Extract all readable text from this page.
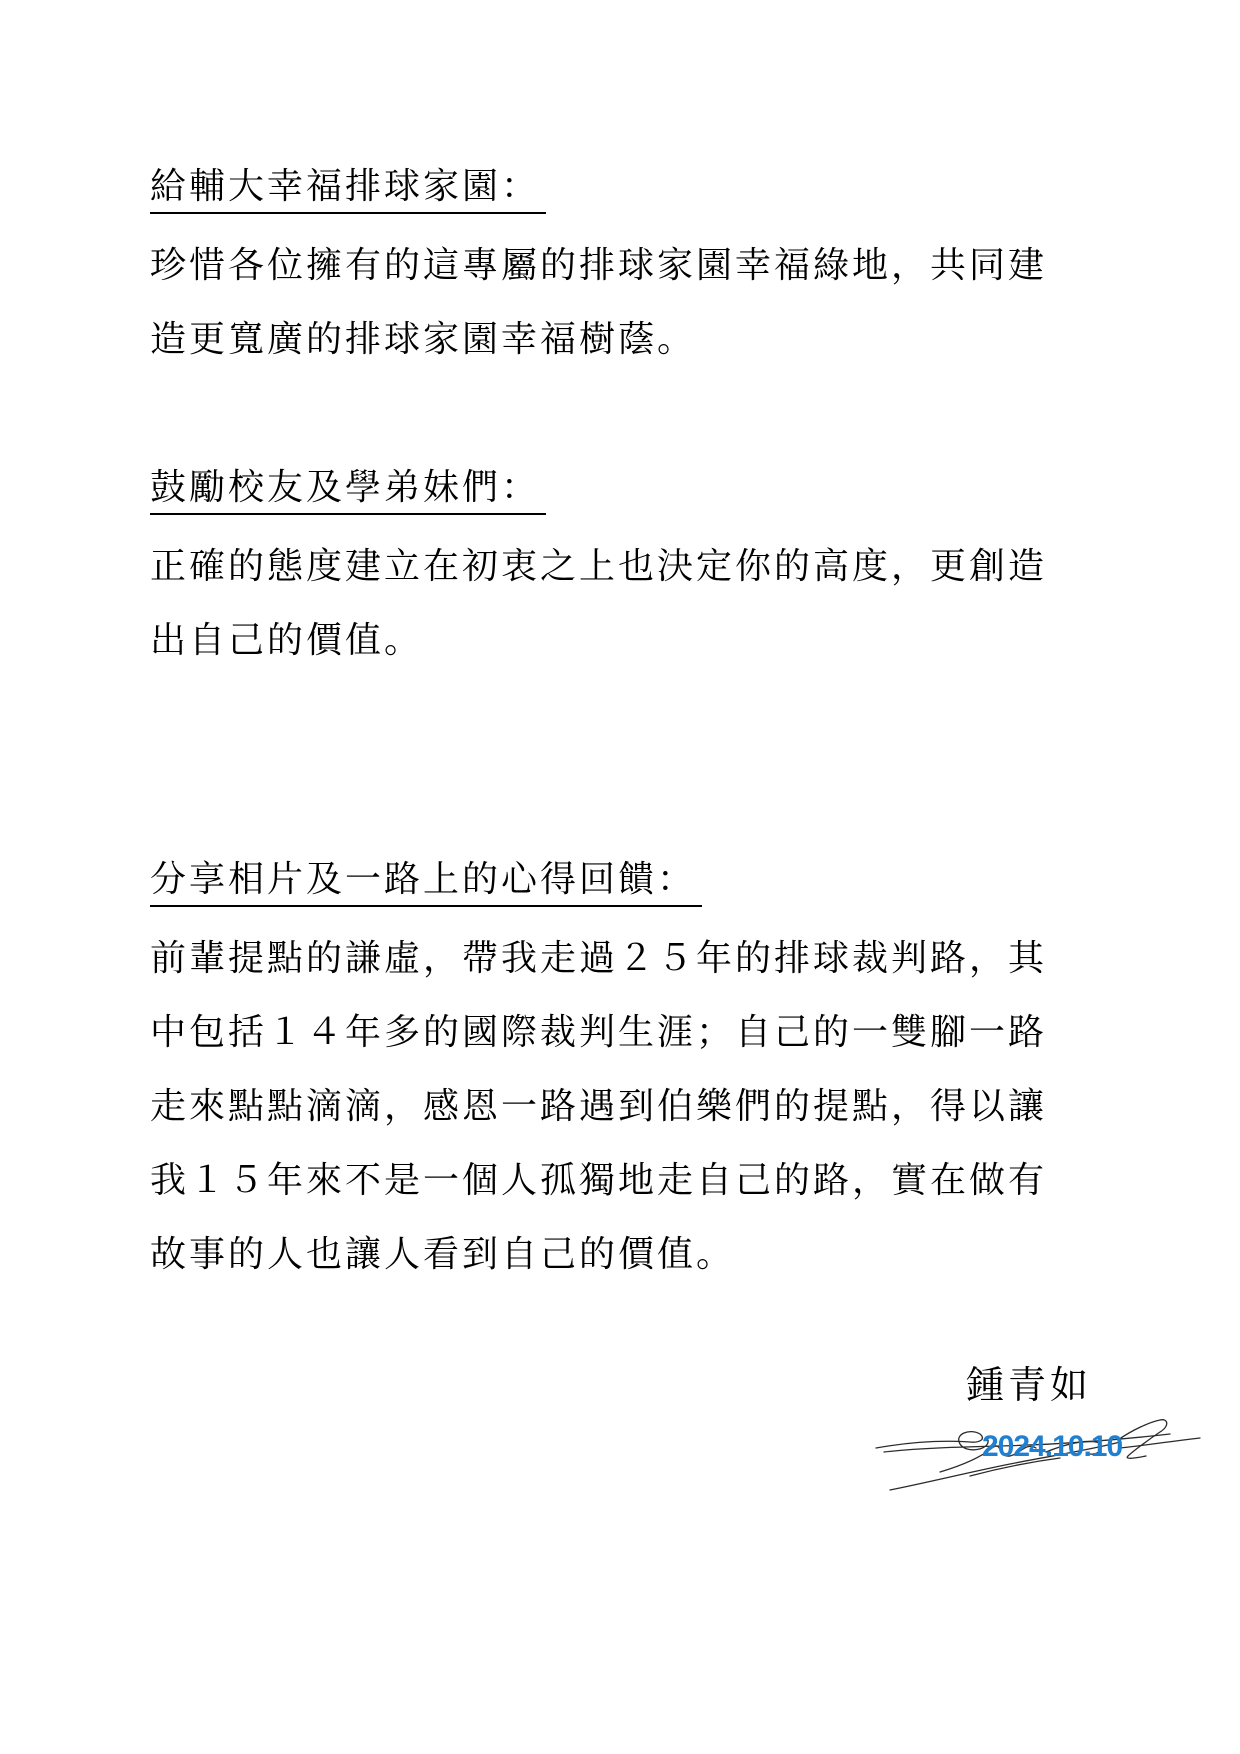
給輔大幸福排球家園：

珍惜各位擁有的這專屬的排球家園幸福綠地，共同建
造更寬廣的排球家園幸福樹蔭。

鼓勵校友及學弟妹們：

正確的態度建立在初衷之上也決定你的高度，更創造
出自己的價值。

分享相片及一路上的心得回饋：

前輩提點的謙虛，帶我走過２５年的排球裁判路，其
中包括１４年多的國際裁判生涯；自己的一雙腳一路
走來點點滴滴，感恩一路遇到伯樂們的提點，得以讓
我１５年來不是一個人孤獨地走自己的路，實在做有
故事的人也讓人看到自己的價值。

鍾青如
2024.10.10
